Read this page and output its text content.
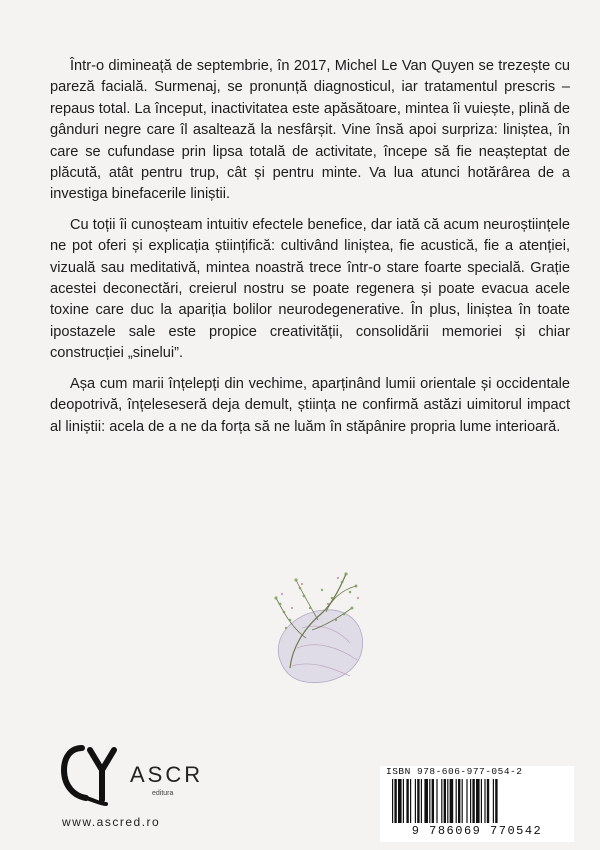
Într-o dimineață de septembrie, în 2017, Michel Le Van Quyen se trezește cu pareză facială. Surmenaj, se pronunță diagnosticul, iar tratamentul prescris – repaus total. La început, inactivitatea este apăsătoare, mintea îi vuiește, plină de gânduri negre care îl asaltează la nesfârșit. Vine însă apoi surpriza: liniștea, în care se cufundase prin lipsa totală de activitate, începe să fie neașteptat de plăcută, atât pentru trup, cât și pentru minte. Va lua atunci hotărârea de a investiga binefacerile liniștii.

Cu toții îi cunoșteam intuitiv efectele benefice, dar iată că acum neuroștiințele ne pot oferi și explicația științifică: cultivând liniștea, fie acustică, fie a atenției, vizuală sau meditativă, mintea noastră trece într-o stare foarte specială. Grație acestei deconectări, creierul nostru se poate regenera și poate evacua acele toxine care duc la apariția bolilor neurodegenerative. În plus, liniștea în toate ipostazele sale este propice creativității, consolidării memoriei și chiar construcției „sinelui”.

Așa cum marii înțelepți din vechime, aparținând lumii orientale și occidentale deopotrivă, înțeleseseră deja demult, știința ne confirmă astăzi uimitorul impact al liniștii: acela de a ne da forța să ne luăm în stăpânire propria lume interioară.

ASCR
editura
www.ascred.ro
ISBN 978-606-977-054-2
9 786069 770542
